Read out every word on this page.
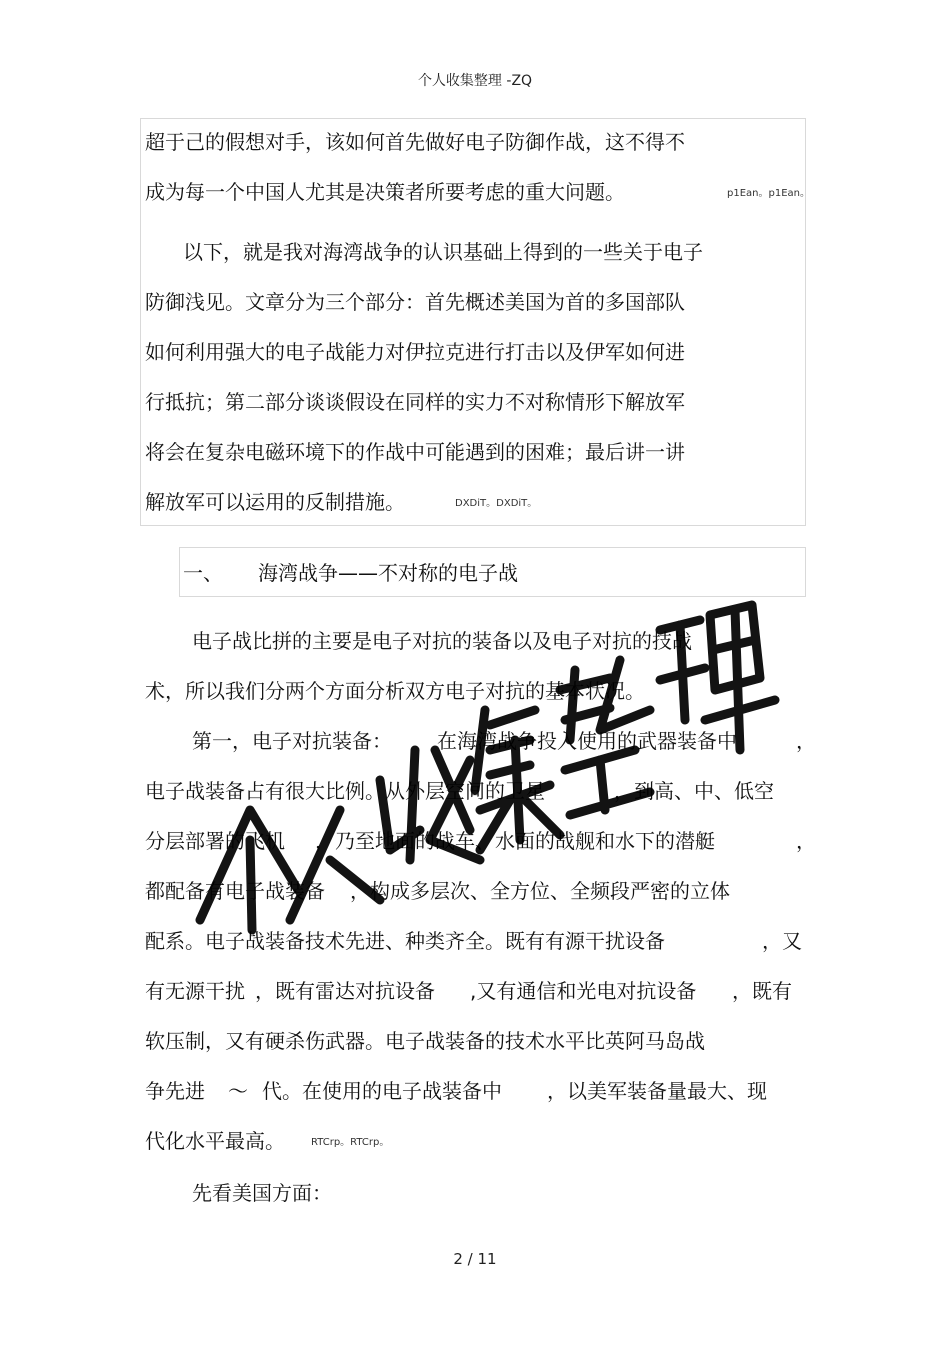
个人收集整理 -ZQ
超于己的假想对手，该如何首先做好电子防御作战，这不得不
成为每一个中国人尤其是决策者所要考虑的重大问题。	p1Ean。p1Ean。
以下，就是我对海湾战争的认识基础上得到的一些关于电子
防御浅见。文章分为三个部分：首先概述美国为首的多国部队
如何利用强大的电子战能力对伊拉克进行打击以及伊军如何进
行抵抗；第二部分谈谈假设在同样的实力不对称情形下解放军
将会在复杂电磁环境下的作战中可能遇到的困难；最后讲一讲
解放军可以运用的反制措施。	DXDiT。DXDiT。
一、 海湾战争——不对称的电子战
电子战比拼的主要是电子对抗的装备以及电子对抗的技战
术，所以我们分两个方面分析双方电子对抗的基本状况。
第一，电子对抗装备： 在海湾战争投入使用的武器装备中	，
电子战装备占有很大比例。从外层空间的卫星	，到高、中、低空
分层部署的飞机 ，乃至地面的战车、水面的战舰和水下的潜艇	，
都配备有电子战装备 ，构成多层次、全方位、全频段严密的立体
配系。电子战装备技术先进、种类齐全。既有有源干扰设备	，又
有无源干扰 ，既有雷达对抗设备 ,又有通信和光电对抗设备 ，既有
软压制，又有硬杀伤武器。电子战装备的技术水平比英阿马岛战
争先进 ～ 代。在使用的电子战装备中 ，以美军装备量最大、现
代化水平最高。	RTCrp。RTCrp。
先看美国方面：
2 / 11
